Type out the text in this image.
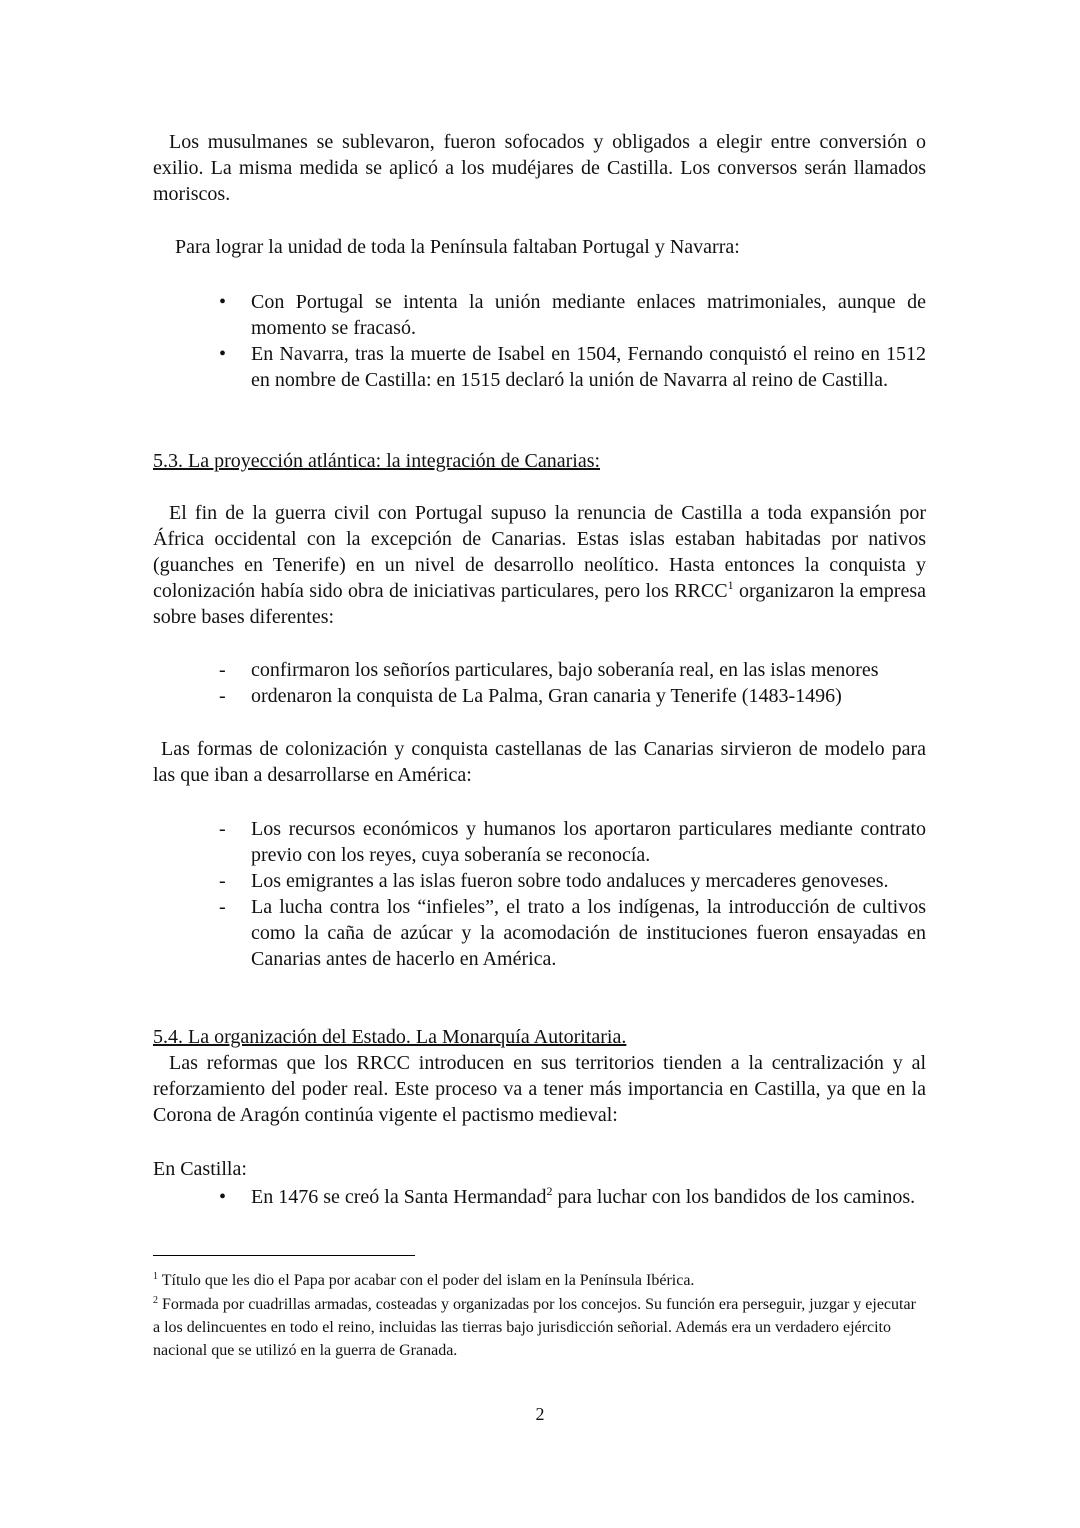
Los musulmanes se sublevaron, fueron sofocados y obligados a elegir entre conversión o exilio. La misma medida se aplicó a los mudéjares de Castilla. Los conversos serán llamados moriscos.
Para lograr la unidad de toda la Península faltaban Portugal y Navarra:
• Con Portugal se intenta la unión mediante enlaces matrimoniales, aunque de momento se fracasó.
• En Navarra, tras la muerte de Isabel en 1504, Fernando conquistó el reino en 1512 en nombre de Castilla: en 1515 declaró la unión de Navarra al reino de Castilla.
5.3. La proyección atlántica: la integración de Canarias:
El fin de la guerra civil con Portugal supuso la renuncia de Castilla a toda expansión por África occidental con la excepción de Canarias. Estas islas estaban habitadas por nativos (guanches en Tenerife) en un nivel de desarrollo neolítico. Hasta entonces la conquista y colonización había sido obra de iniciativas particulares, pero los RRCC$^1$ organizaron la empresa sobre bases diferentes:
- confirmaron los señoríos particulares, bajo soberanía real, en las islas menores
- ordenaron la conquista de La Palma, Gran canaria y Tenerife (1483-1496)
Las formas de colonización y conquista castellanas de las Canarias sirvieron de modelo para las que iban a desarrollarse en América:
- Los recursos económicos y humanos los aportaron particulares mediante contrato previo con los reyes, cuya soberanía se reconocía.
- Los emigrantes a las islas fueron sobre todo andaluces y mercaderes genoveses.
- La lucha contra los “infieles”, el trato a los indígenas, la introducción de cultivos como la caña de azúcar y la acomodación de instituciones fueron ensayadas en Canarias antes de hacerlo en América.
5.4. La organización del Estado. La Monarquía Autoritaria.
Las reformas que los RRCC introducen en sus territorios tienden a la centralización y al reforzamiento del poder real. Este proceso va a tener más importancia en Castilla, ya que en la Corona de Aragón continúa vigente el pactismo medieval:
En Castilla:
• En 1476 se creó la Santa Hermandad$^2$ para luchar con los bandidos de los caminos.
$^1$ Título que les dio el Papa por acabar con el poder del islam en la Península Ibérica.
$^2$ Formada por cuadrillas armadas, costeadas y organizadas por los concejos. Su función era perseguir, juzgar y ejecutar a los delincuentes en todo el reino, incluidas las tierras bajo jurisdicción señorial. Además era un verdadero ejército nacional que se utilizó en la guerra de Granada.
2
